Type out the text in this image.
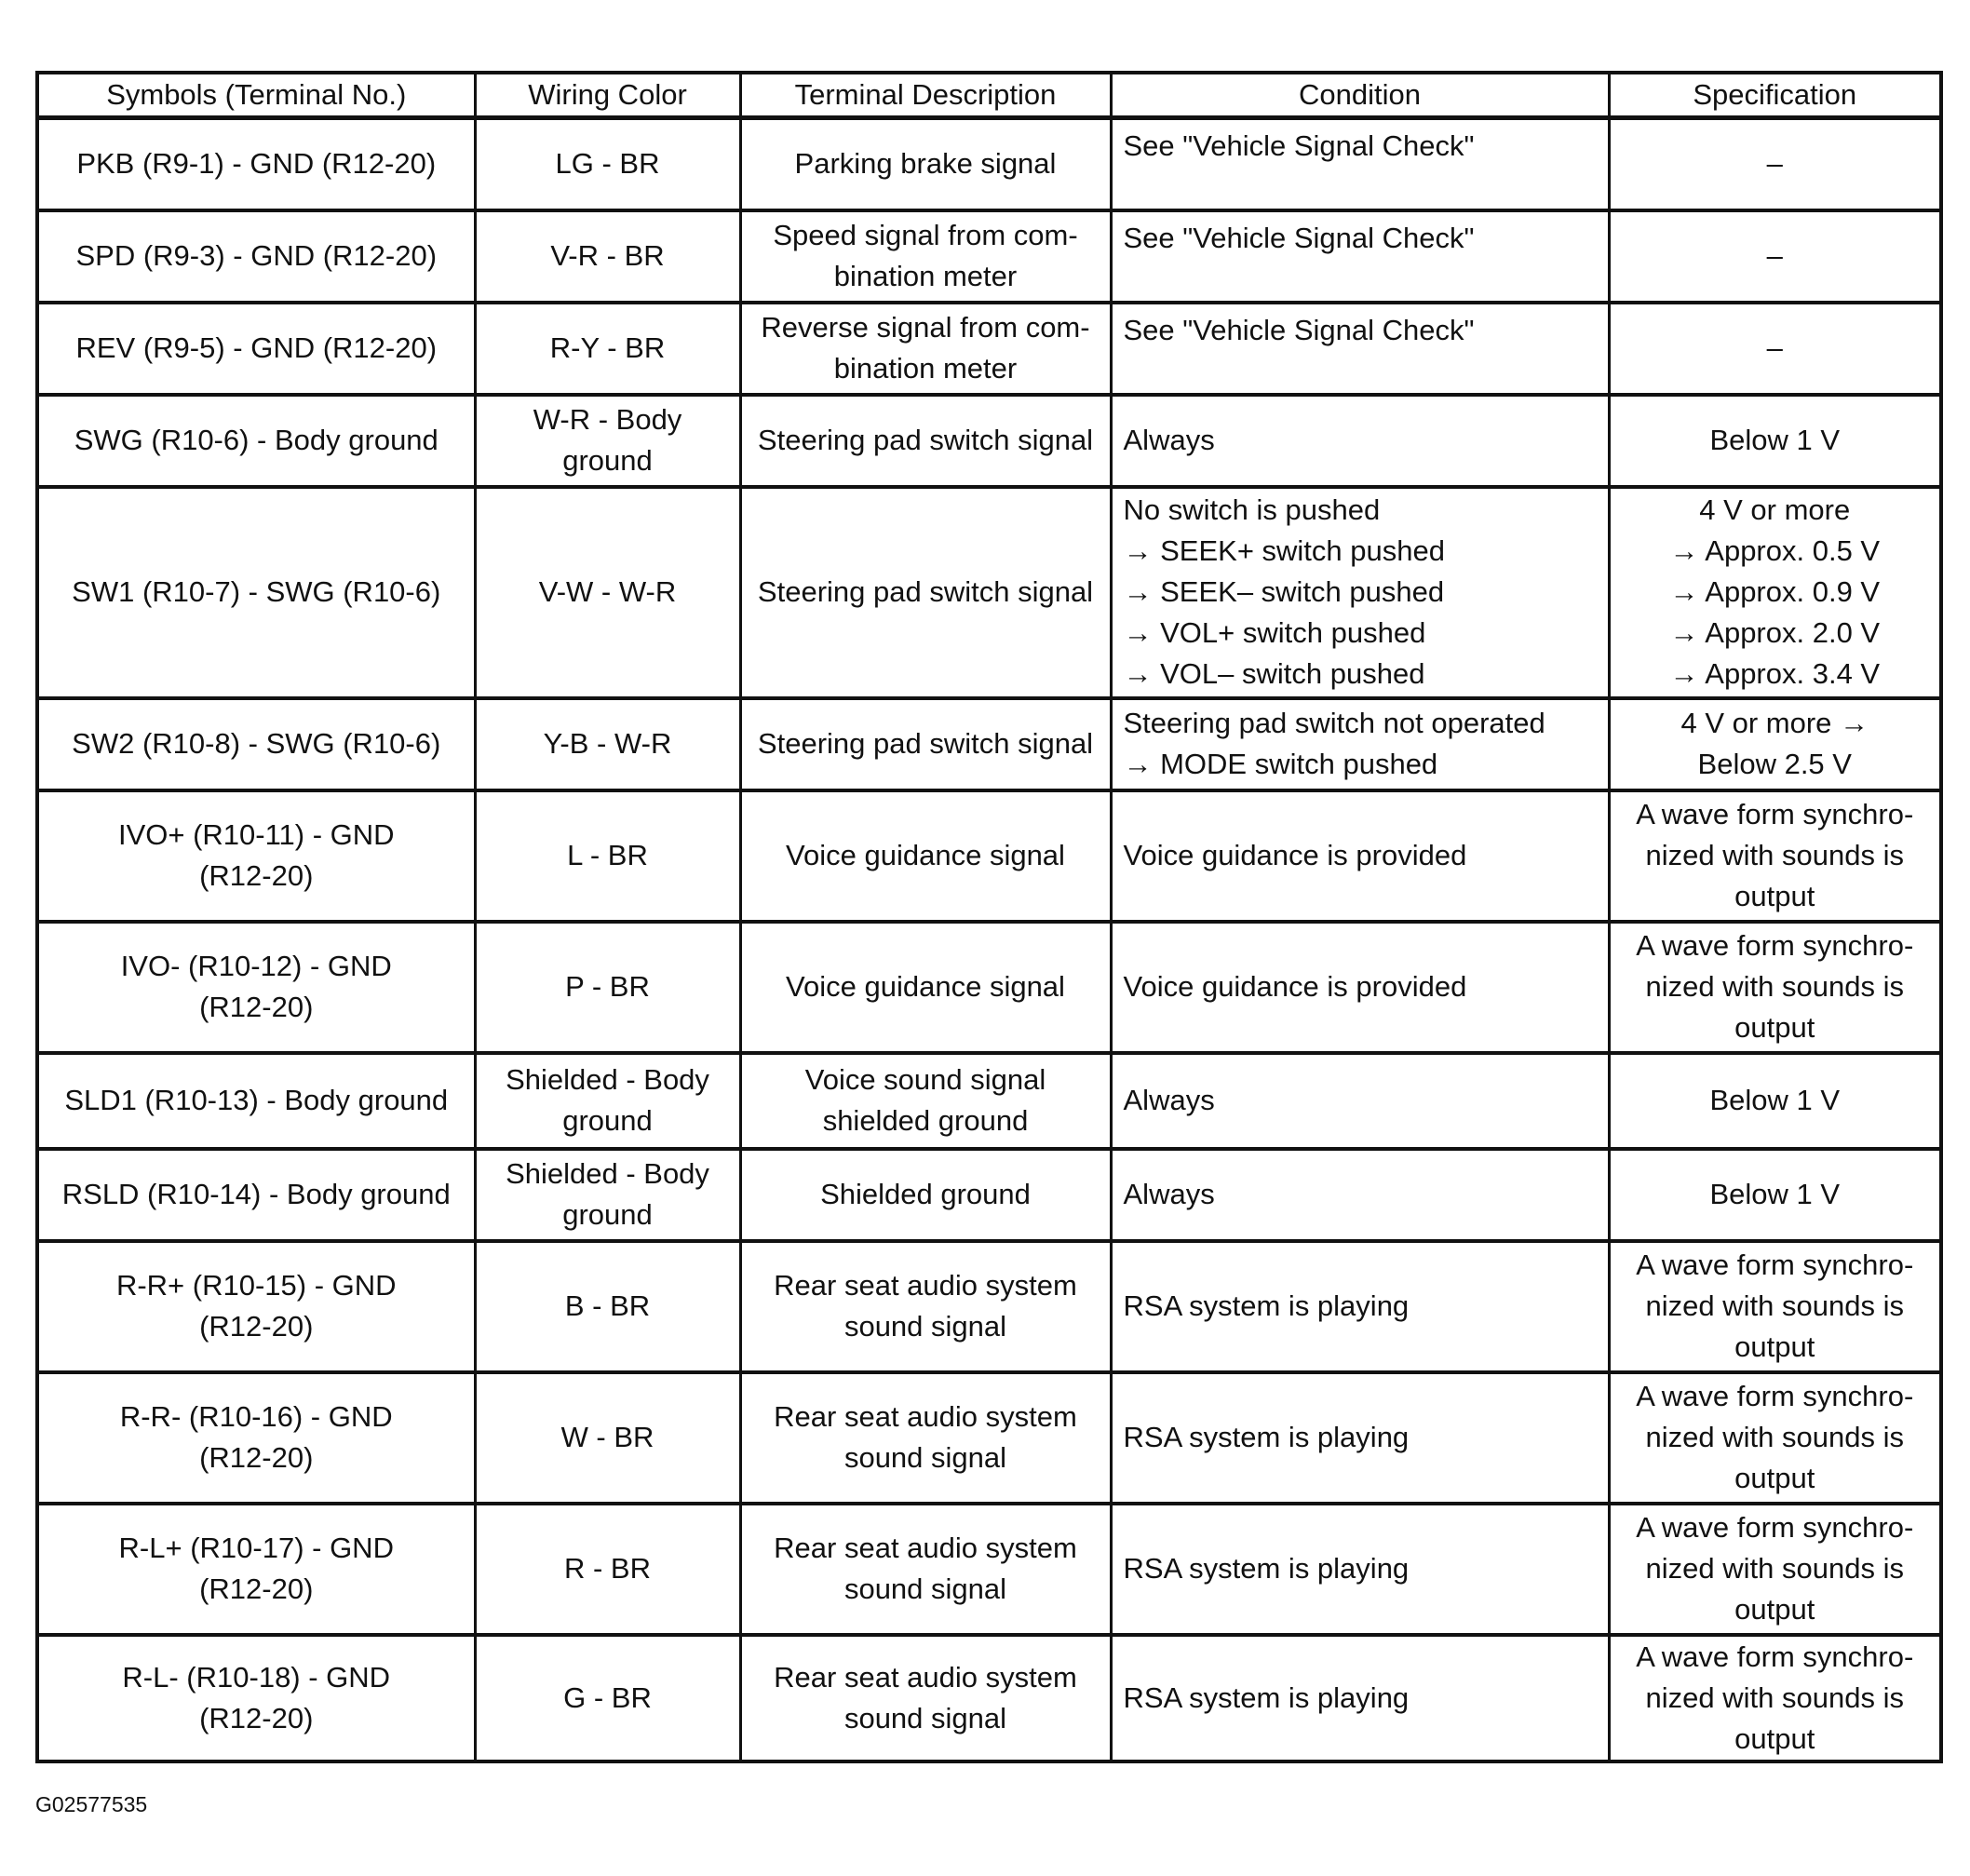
Symbols (Terminal No.)	Wiring Color	Terminal Description	Condition	Specification

PKB (R9-1) - GND (R12-20)	LG - BR	Parking brake signal	See "Vehicle Signal Check"	–

SPD (R9-3) - GND (R12-20)	V-R - BR	Speed signal from com-
bination meter	See "Vehicle Signal Check"	–

REV (R9-5) - GND (R12-20)	R-Y - BR	Reverse signal from com-
bination meter	See "Vehicle Signal Check"	–

SWG (R10-6) - Body ground	W-R - Body
ground	Steering pad switch signal	Always	Below 1 V

SW1 (R10-7) - SWG (R10-6)	V-W - W-R	Steering pad switch signal	No switch is pushed
→ SEEK+ switch pushed
→ SEEK– switch pushed
→ VOL+ switch pushed
→ VOL– switch pushed	4 V or more
→ Approx. 0.5 V
→ Approx. 0.9 V
→ Approx. 2.0 V
→ Approx. 3.4 V

SW2 (R10-8) - SWG (R10-6)	Y-B - W-R	Steering pad switch signal	Steering pad switch not operated
→ MODE switch pushed	4 V or more →
Below 2.5 V

IVO+ (R10-11) - GND
(R12-20)	L - BR	Voice guidance signal	Voice guidance is provided	A wave form synchro-
nized with sounds is
output

IVO- (R10-12) - GND
(R12-20)	P - BR	Voice guidance signal	Voice guidance is provided	A wave form synchro-
nized with sounds is
output

SLD1 (R10-13) - Body ground	Shielded - Body
ground	Voice sound signal
shielded ground	Always	Below 1 V

RSLD (R10-14) - Body ground	Shielded - Body
ground	Shielded ground	Always	Below 1 V

R-R+ (R10-15) - GND
(R12-20)	B - BR	Rear seat audio system
sound signal	RSA system is playing	A wave form synchro-
nized with sounds is
output

R-R- (R10-16) - GND
(R12-20)	W - BR	Rear seat audio system
sound signal	RSA system is playing	A wave form synchro-
nized with sounds is
output

R-L+ (R10-17) - GND
(R12-20)	R - BR	Rear seat audio system
sound signal	RSA system is playing	A wave form synchro-
nized with sounds is
output

R-L- (R10-18) - GND
(R12-20)	G - BR	Rear seat audio system
sound signal	RSA system is playing	A wave form synchro-
nized with sounds is
output
G02577535
